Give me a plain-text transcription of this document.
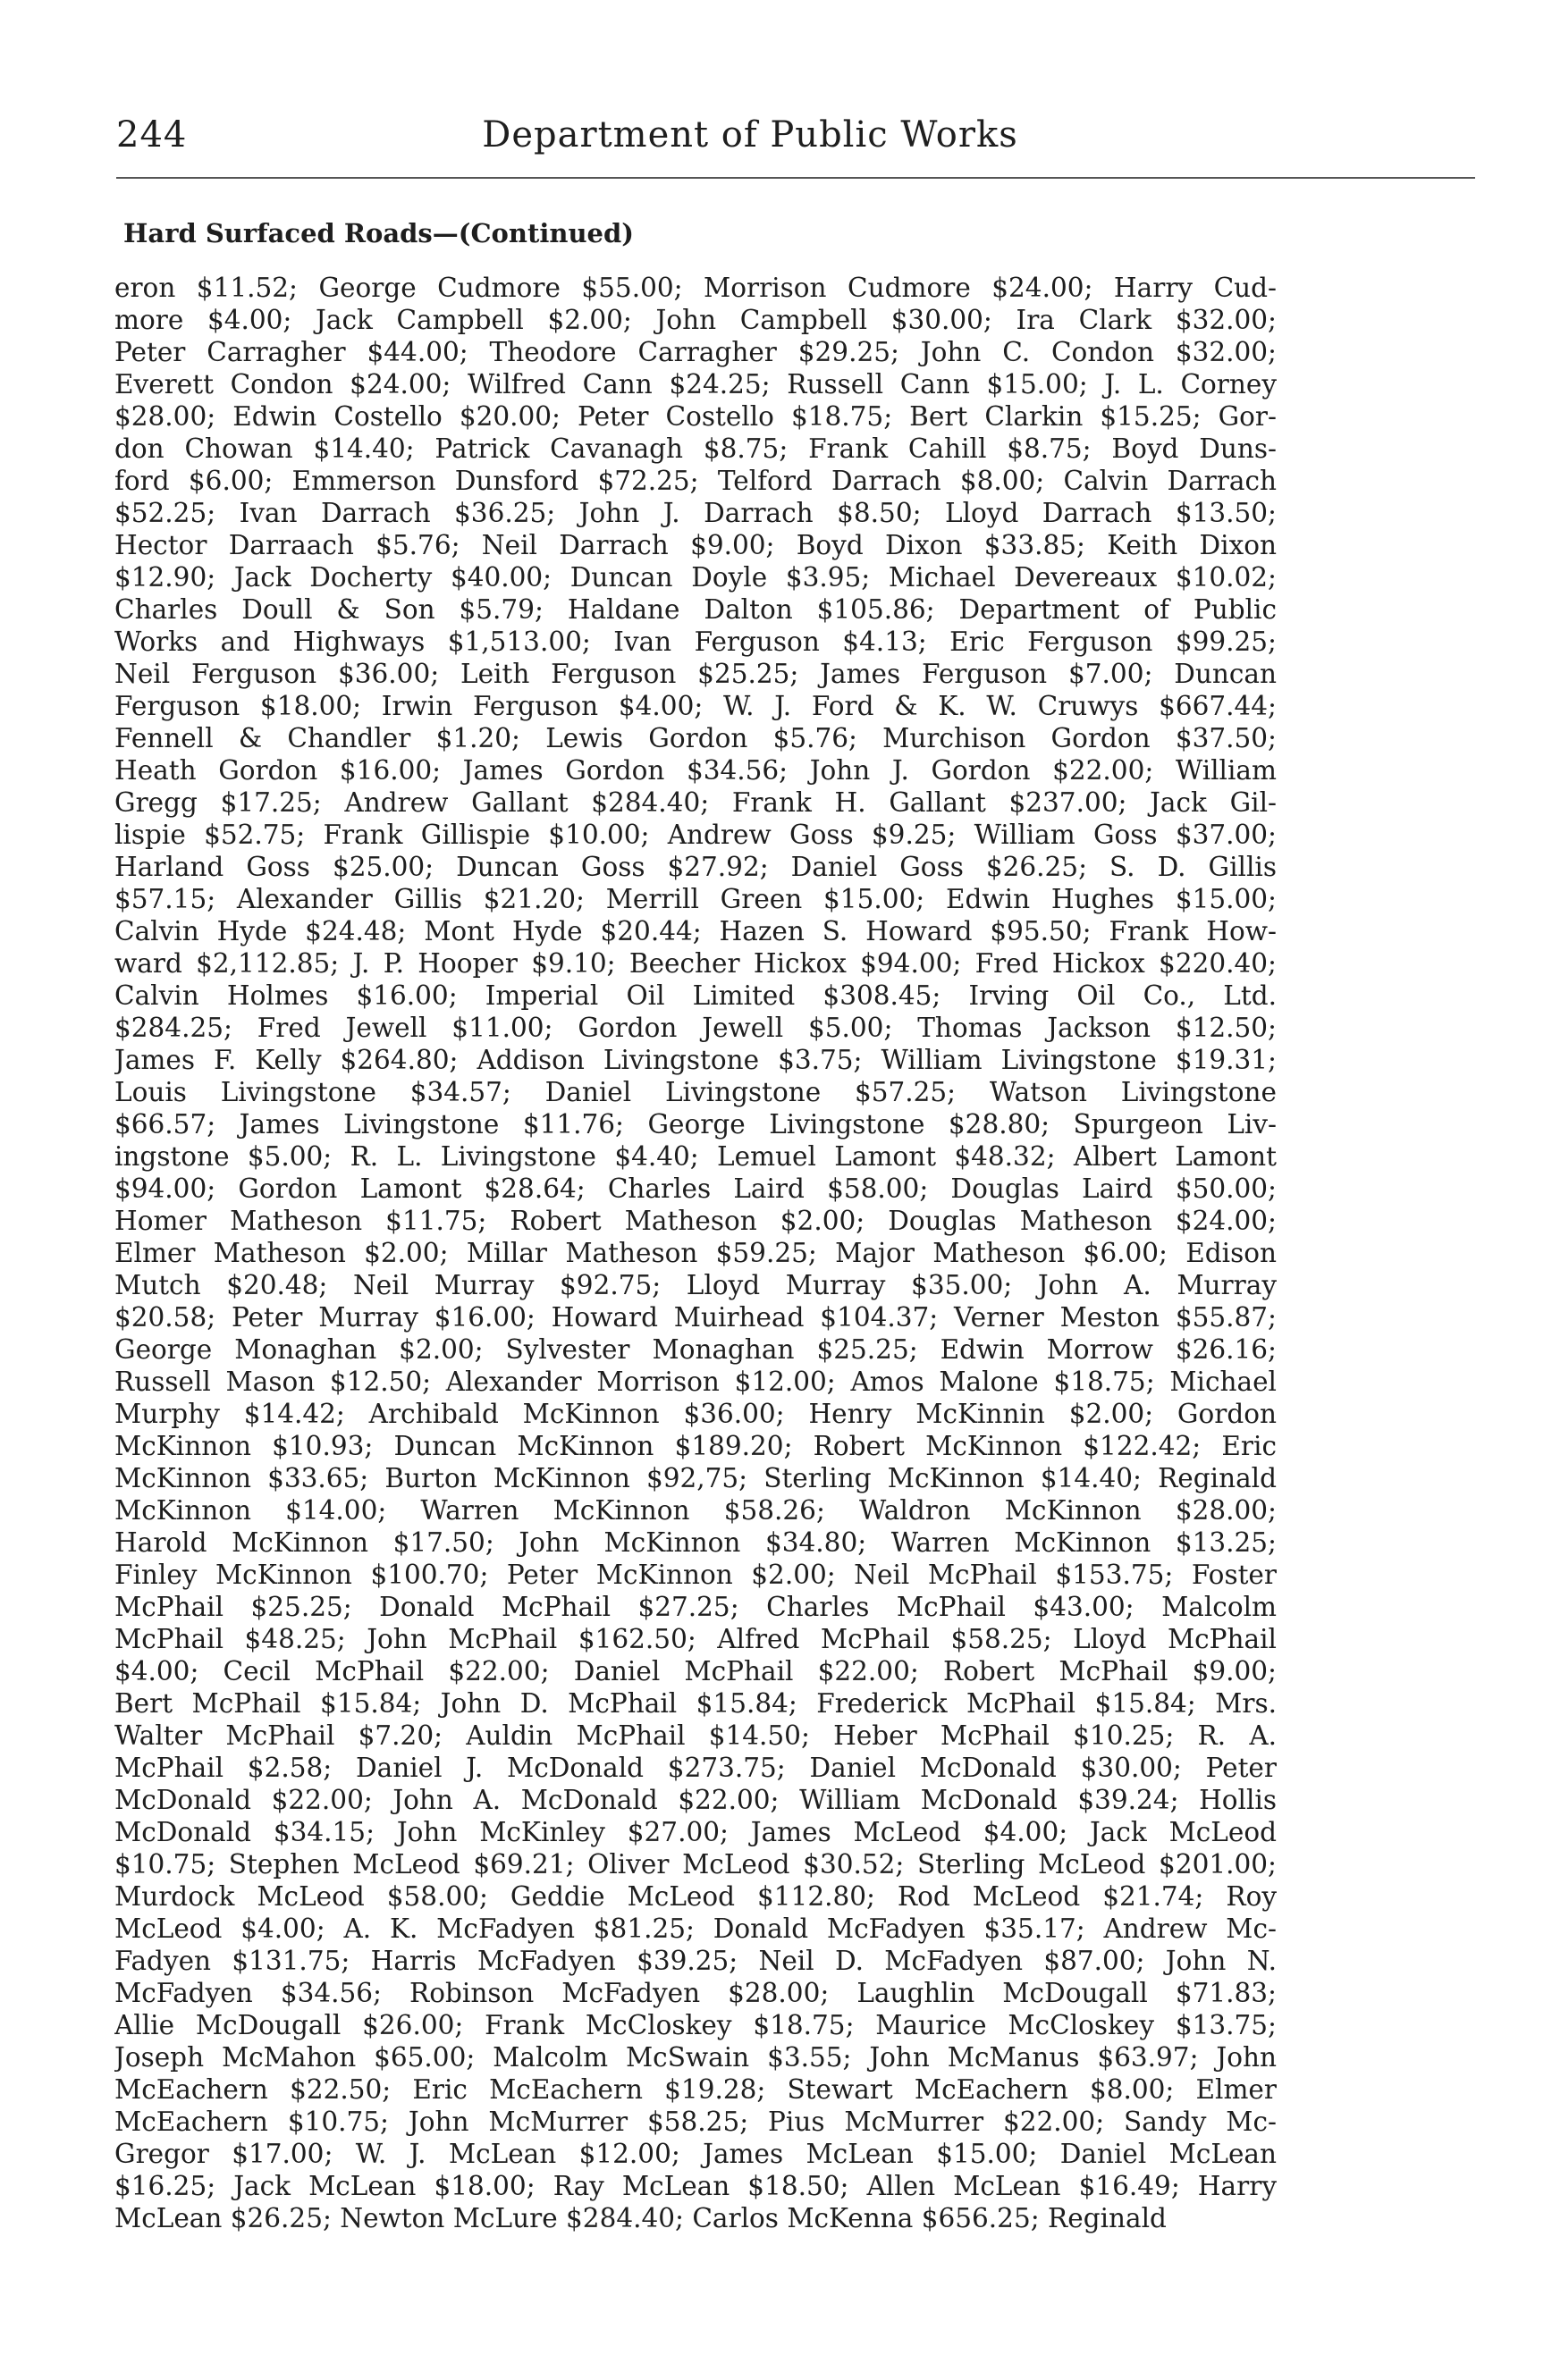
244	Department of Public Works
Hard Surfaced Roads—(Continued)
eron $11.52; George Cudmore $55.00; Morrison Cudmore $24.00; Harry Cud-
more $4.00; Jack Campbell $2.00; John Campbell $30.00; Ira Clark $32.00;
Peter Carragher $44.00; Theodore Carragher $29.25; John C. Condon $32.00;
Everett Condon $24.00; Wilfred Cann $24.25; Russell Cann $15.00; J. L. Corney
$28.00; Edwin Costello $20.00; Peter Costello $18.75; Bert Clarkin $15.25; Gor-
don Chowan $14.40; Patrick Cavanagh $8.75; Frank Cahill $8.75; Boyd Duns-
ford $6.00; Emmerson Dunsford $72.25; Telford Darrach $8.00; Calvin Darrach
$52.25; Ivan Darrach $36.25; John J. Darrach $8.50; Lloyd Darrach $13.50;
Hector Darraach $5.76; Neil Darrach $9.00; Boyd Dixon $33.85; Keith Dixon
$12.90; Jack Docherty $40.00; Duncan Doyle $3.95; Michael Devereaux $10.02;
Charles Doull & Son $5.79; Haldane Dalton $105.86; Department of Public
Works and Highways $1,513.00; Ivan Ferguson $4.13; Eric Ferguson $99.25;
Neil Ferguson $36.00; Leith Ferguson $25.25; James Ferguson $7.00; Duncan
Ferguson $18.00; Irwin Ferguson $4.00; W. J. Ford & K. W. Cruwys $667.44;
Fennell & Chandler $1.20; Lewis Gordon $5.76; Murchison Gordon $37.50;
Heath Gordon $16.00; James Gordon $34.56; John J. Gordon $22.00; William
Gregg $17.25; Andrew Gallant $284.40; Frank H. Gallant $237.00; Jack Gil-
lispie $52.75; Frank Gillispie $10.00; Andrew Goss $9.25; William Goss $37.00;
Harland Goss $25.00; Duncan Goss $27.92; Daniel Goss $26.25; S. D. Gillis
$57.15; Alexander Gillis $21.20; Merrill Green $15.00; Edwin Hughes $15.00;
Calvin Hyde $24.48; Mont Hyde $20.44; Hazen S. Howard $95.50; Frank How-
ward $2,112.85; J. P. Hooper $9.10; Beecher Hickox $94.00; Fred Hickox $220.40;
Calvin Holmes $16.00; Imperial Oil Limited $308.45; Irving Oil Co., Ltd.
$284.25; Fred Jewell $11.00; Gordon Jewell $5.00; Thomas Jackson $12.50;
James F. Kelly $264.80; Addison Livingstone $3.75; William Livingstone $19.31;
Louis Livingstone $34.57; Daniel Livingstone $57.25; Watson Livingstone
$66.57; James Livingstone $11.76; George Livingstone $28.80; Spurgeon Liv-
ingstone $5.00; R. L. Livingstone $4.40; Lemuel Lamont $48.32; Albert Lamont
$94.00; Gordon Lamont $28.64; Charles Laird $58.00; Douglas Laird $50.00;
Homer Matheson $11.75; Robert Matheson $2.00; Douglas Matheson $24.00;
Elmer Matheson $2.00; Millar Matheson $59.25; Major Matheson $6.00; Edison
Mutch $20.48; Neil Murray $92.75; Lloyd Murray $35.00; John A. Murray
$20.58; Peter Murray $16.00; Howard Muirhead $104.37; Verner Meston $55.87;
George Monaghan $2.00; Sylvester Monaghan $25.25; Edwin Morrow $26.16;
Russell Mason $12.50; Alexander Morrison $12.00; Amos Malone $18.75; Michael
Murphy $14.42; Archibald McKinnon $36.00; Henry McKinnin $2.00; Gordon
McKinnon $10.93; Duncan McKinnon $189.20; Robert McKinnon $122.42; Eric
McKinnon $33.65; Burton McKinnon $92,75; Sterling McKinnon $14.40; Reginald
McKinnon $14.00; Warren McKinnon $58.26; Waldron McKinnon $28.00;
Harold McKinnon $17.50; John McKinnon $34.80; Warren McKinnon $13.25;
Finley McKinnon $100.70; Peter McKinnon $2.00; Neil McPhail $153.75; Foster
McPhail $25.25; Donald McPhail $27.25; Charles McPhail $43.00; Malcolm
McPhail $48.25; John McPhail $162.50; Alfred McPhail $58.25; Lloyd McPhail
$4.00; Cecil McPhail $22.00; Daniel McPhail $22.00; Robert McPhail $9.00;
Bert McPhail $15.84; John D. McPhail $15.84; Frederick McPhail $15.84; Mrs.
Walter McPhail $7.20; Auldin McPhail $14.50; Heber McPhail $10.25; R. A.
McPhail $2.58; Daniel J. McDonald $273.75; Daniel McDonald $30.00; Peter
McDonald $22.00; John A. McDonald $22.00; William McDonald $39.24; Hollis
McDonald $34.15; John McKinley $27.00; James McLeod $4.00; Jack McLeod
$10.75; Stephen McLeod $69.21; Oliver McLeod $30.52; Sterling McLeod $201.00;
Murdock McLeod $58.00; Geddie McLeod $112.80; Rod McLeod $21.74; Roy
McLeod $4.00; A. K. McFadyen $81.25; Donald McFadyen $35.17; Andrew Mc-
Fadyen $131.75; Harris McFadyen $39.25; Neil D. McFadyen $87.00; John N.
McFadyen $34.56; Robinson McFadyen $28.00; Laughlin McDougall $71.83;
Allie McDougall $26.00; Frank McCloskey $18.75; Maurice McCloskey $13.75;
Joseph McMahon $65.00; Malcolm McSwain $3.55; John McManus $63.97; John
McEachern $22.50; Eric McEachern $19.28; Stewart McEachern $8.00; Elmer
McEachern $10.75; John McMurrer $58.25; Pius McMurrer $22.00; Sandy Mc-
Gregor $17.00; W. J. McLean $12.00; James McLean $15.00; Daniel McLean
$16.25; Jack McLean $18.00; Ray McLean $18.50; Allen McLean $16.49; Harry
McLean $26.25; Newton McLure $284.40; Carlos McKenna $656.25; Reginald
